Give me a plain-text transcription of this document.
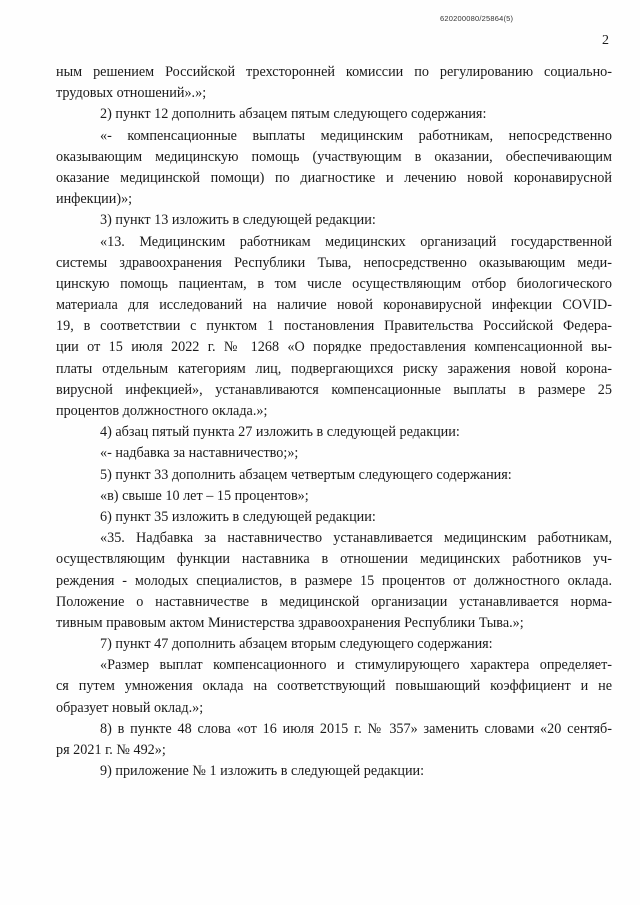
620200080/25864(5)
2
ным решением Российской трехсторонней комиссии по регулированию социально-
трудовых отношений».»;
2) пункт 12 дополнить абзацем пятым следующего содержания:
«- компенсационные выплаты медицинским работникам, непосредственно
оказывающим медицинскую помощь (участвующим в оказании, обеспечивающим
оказание медицинской помощи) по диагностике и лечению новой коронавирусной
инфекции)»;
3) пункт 13 изложить в следующей редакции:
«13. Медицинским работникам медицинских организаций государственной
системы здравоохранения Республики Тыва, непосредственно оказывающим меди-
цинскую помощь пациентам, в том числе осуществляющим отбор биологического
материала для исследований на наличие новой коронавирусной инфекции COVID-
19, в соответствии с пунктом 1 постановления Правительства Российской Федера-
ции от 15 июля 2022 г. № 1268 «О порядке предоставления компенсационной вы-
платы отдельным категориям лиц, подвергающихся риску заражения новой корона-
вирусной инфекцией», устанавливаются компенсационные выплаты в размере 25
процентов должностного оклада.»;
4) абзац пятый пункта 27 изложить в следующей редакции:
«- надбавка за наставничество;»;
5) пункт 33 дополнить абзацем четвертым следующего содержания:
«в) свыше 10 лет – 15 процентов»;
6) пункт 35 изложить в следующей редакции:
«35. Надбавка за наставничество устанавливается медицинским работникам,
осуществляющим функции наставника в отношении медицинских работников уч-
реждения - молодых специалистов, в размере 15 процентов от должностного оклада.
Положение о наставничестве в медицинской организации устанавливается норма-
тивным правовым актом Министерства здравоохранения Республики Тыва.»;
7) пункт 47 дополнить абзацем вторым следующего содержания:
«Размер выплат компенсационного и стимулирующего характера определяет-
ся путем умножения оклада на соответствующий повышающий коэффициент и не
образует новый оклад.»;
8) в пункте 48 слова «от 16 июля 2015 г. № 357» заменить словами «20 сентяб-
ря 2021 г. № 492»;
9) приложение № 1 изложить в следующей редакции:
